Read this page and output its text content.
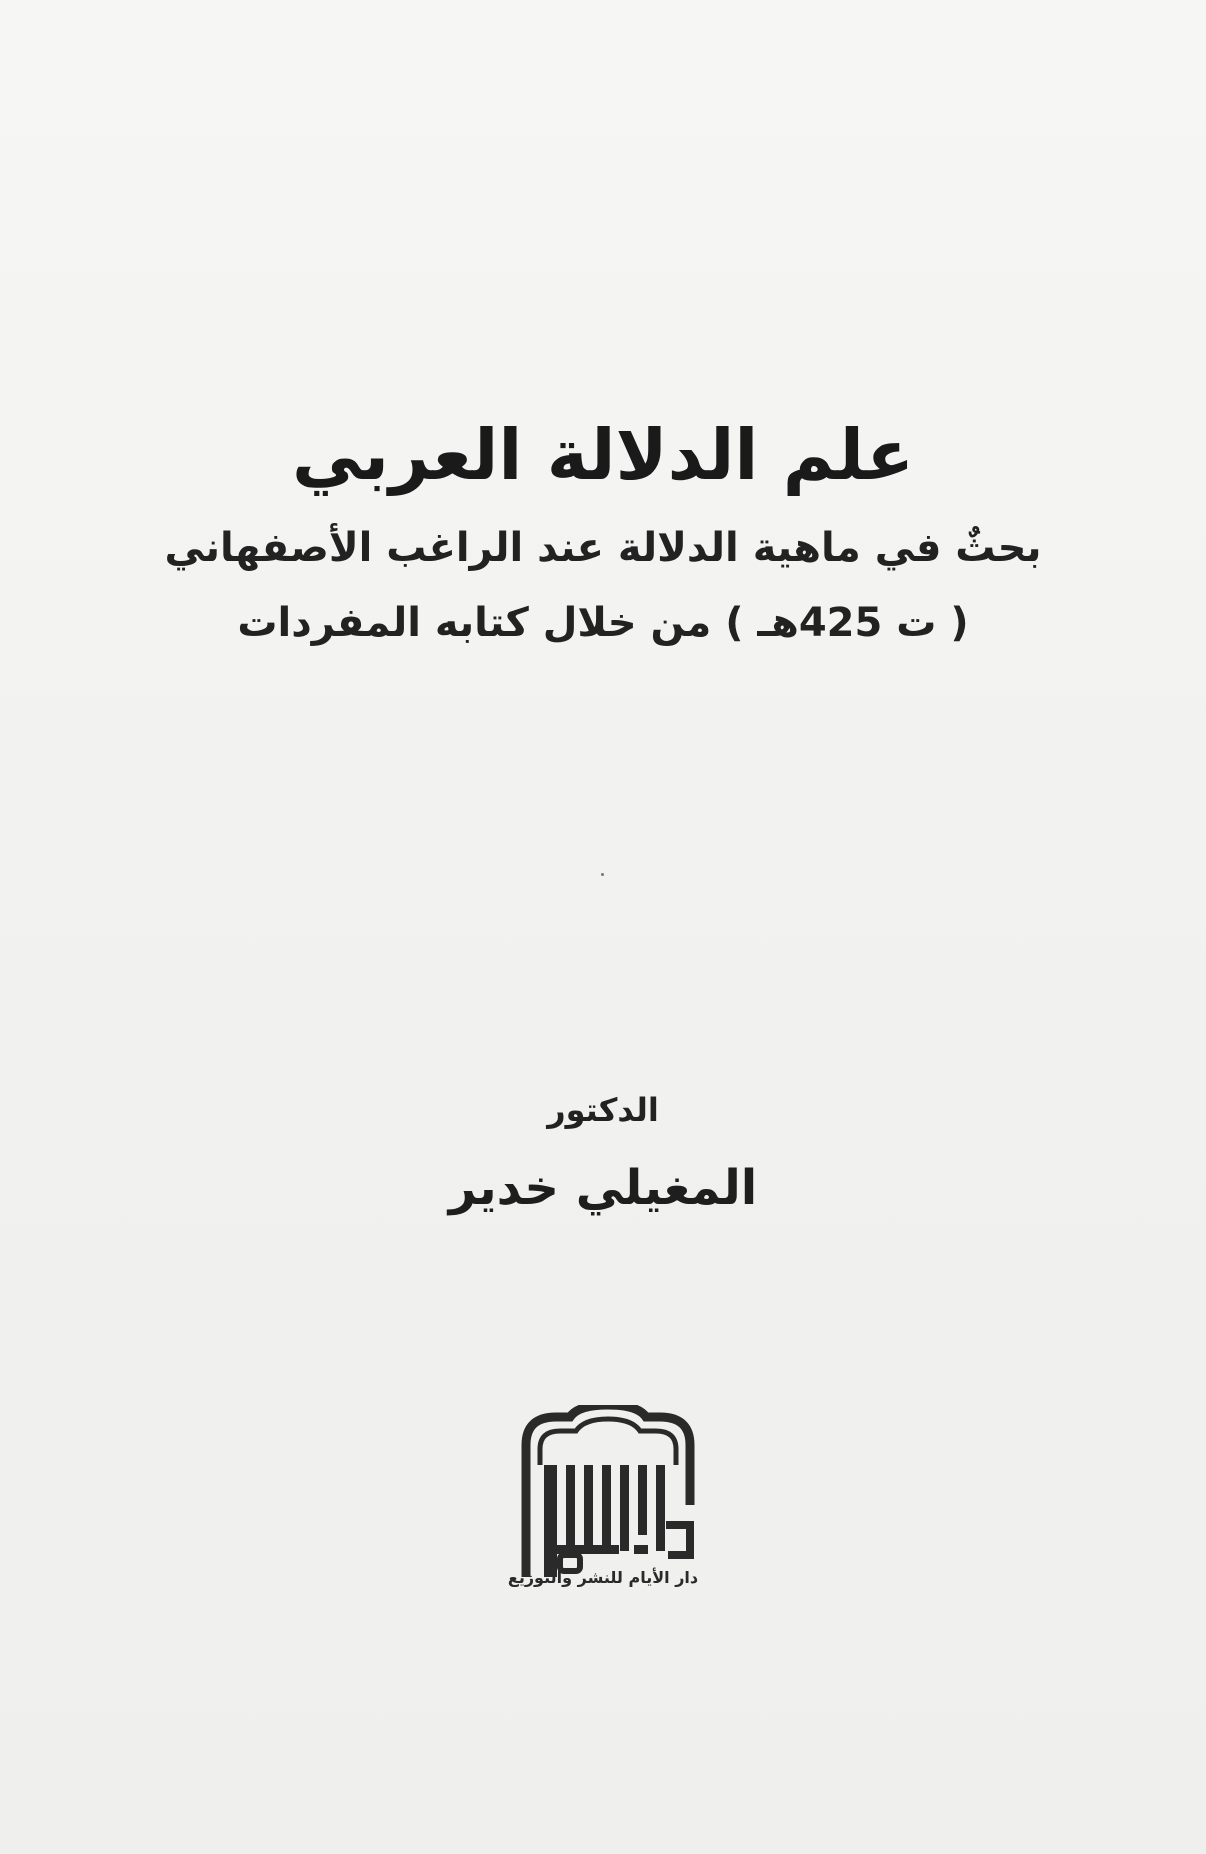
علم الدلالة العربي

بحثٌ في ماهية الدلالة عند الراغب الأصفهاني

( ت 425هـ ) من خلال كتابه المفردات

الدكتور

المغيلي خدير

دار الأيام للنشر والتوزيع
